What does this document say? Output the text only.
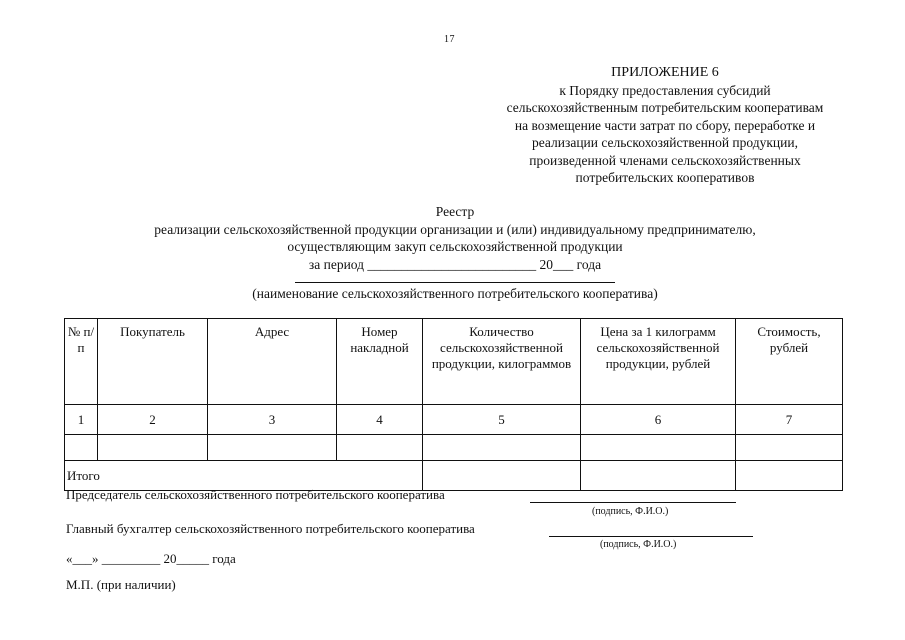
17
ПРИЛОЖЕНИЕ 6
к Порядку предоставления субсидий
сельскохозяйственным потребительским кооперативам
на возмещение части затрат по сбору, переработке и
реализации сельскохозяйственной продукции,
произведенной членами сельскохозяйственных
потребительских кооперативов
Реестр
реализации сельскохозяйственной продукции организации и (или) индивидуальному предпринимателю,
осуществляющим закуп сельскохозяйственной продукции
за период _________________________ 20___ года
(наименование сельскохозяйственного потребительского кооператива)
№ п/п	Покупатель	Адрес	Номер накладной	Количество сельскохозяйственной продукции, килограммов	Цена за 1 килограмм сельскохозяйственной продукции, рублей	Стоимость, рублей
1	2	3	4	5	6	7

Итого						
Председатель сельскохозяйственного потребительского кооператива
(подпись, Ф.И.О.)
Главный бухгалтер сельскохозяйственного потребительского кооператива
(подпись, Ф.И.О.)
«___» _________ 20_____ года
М.П. (при наличии)
